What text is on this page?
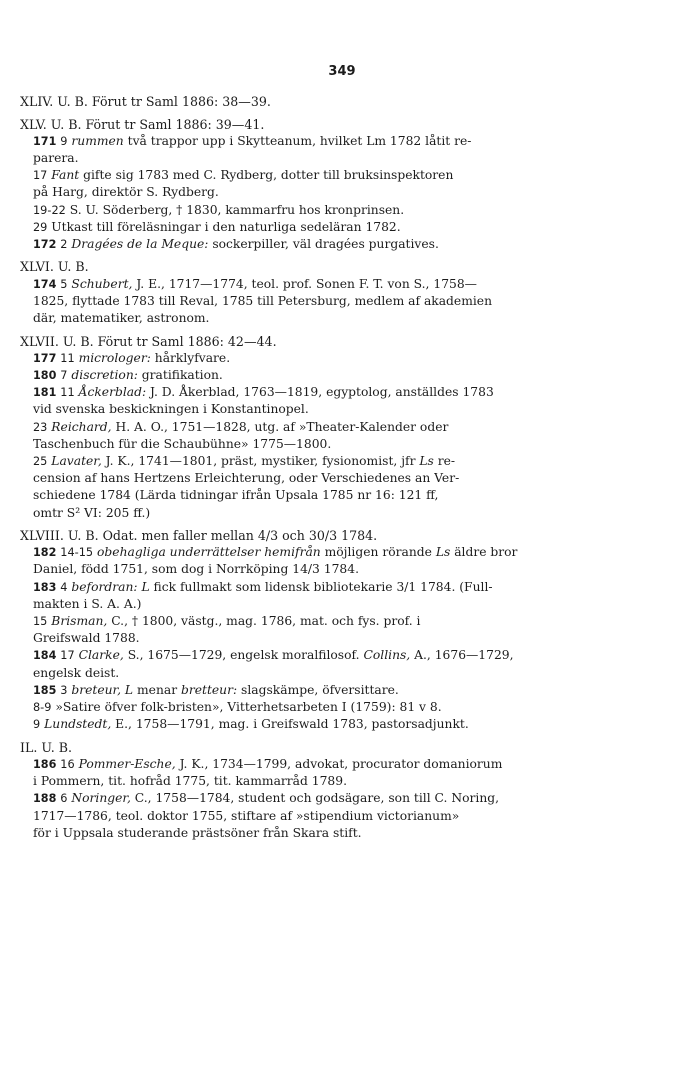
349
XLIV. U. B. Förut tr Saml 1886: 38—39.
XLV. U. B. Förut tr Saml 1886: 39—41.
171 9 rummen två trappor upp i Skytteanum, hvilket Lm 1782 låtit re-
parera.
17 Fant gifte sig 1783 med C. Rydberg, dotter till bruksinspektoren
på Harg, direktör S. Rydberg.
19-22 S. U. Söderberg, † 1830, kammarfru hos kronprinsen.
29 Utkast till föreläsningar i den naturliga sedeläran 1782.
172 2 Dragées de la Meque: sockerpiller, väl dragées purgatives.
XLVI. U. B.
174 5 Schubert, J. E., 1717—1774, teol. prof. Sonen F. T. von S., 1758—
1825, flyttade 1783 till Reval, 1785 till Petersburg, medlem af akademien
där, matematiker, astronom.
XLVII. U. B. Förut tr Saml 1886: 42—44.
177 11 microloger: hårklyfvare.
180 7 discretion: gratifikation.
181 11 Åckerblad: J. D. Åkerblad, 1763—1819, egyptolog, anställdes 1783
vid svenska beskickningen i Konstantinopel.
23 Reichard, H. A. O., 1751—1828, utg. af »Theater-Kalender oder
Taschenbuch für die Schaubühne» 1775—1800.
25 Lavater, J. K., 1741—1801, präst, mystiker, fysionomist, jfr Ls re-
cension af hans Hertzens Erleichterung, oder Verschiedenes an Ver-
schiedene 1784 (Lärda tidningar ifrån Upsala 1785 nr 16: 121 ff,
omtr S² VI: 205 ff.)
XLVIII. U. B. Odat. men faller mellan 4/3 och 30/3 1784.
182 14-15 obehagliga underrättelser hemifrån möjligen rörande Ls äldre bror
Daniel, född 1751, som dog i Norrköping 14/3 1784.
183 4 befordran: L fick fullmakt som lidensk bibliotekarie 3/1 1784. (Full-
makten i S. A. A.)
15 Brisman, C., † 1800, västg., mag. 1786, mat. och fys. prof. i
Greifswald 1788.
184 17 Clarke, S., 1675—1729, engelsk moralfilosof. Collins, A., 1676—1729,
engelsk deist.
185 3 breteur, L menar bretteur: slagskämpe, öfversittare.
8-9 »Satire öfver folk-bristen», Vitterhetsarbeten I (1759): 81 v 8.
9 Lundstedt, E., 1758—1791, mag. i Greifswald 1783, pastorsadjunkt.
IL. U. B.
186 16 Pommer-Esche, J. K., 1734—1799, advokat, procurator domaniorum
i Pommern, tit. hofråd 1775, tit. kammarråd 1789.
188 6 Noringer, C., 1758—1784, student och godsägare, son till C. Noring,
1717—1786, teol. doktor 1755, stiftare af »stipendium victorianum»
för i Uppsala studerande prästsöner från Skara stift.
